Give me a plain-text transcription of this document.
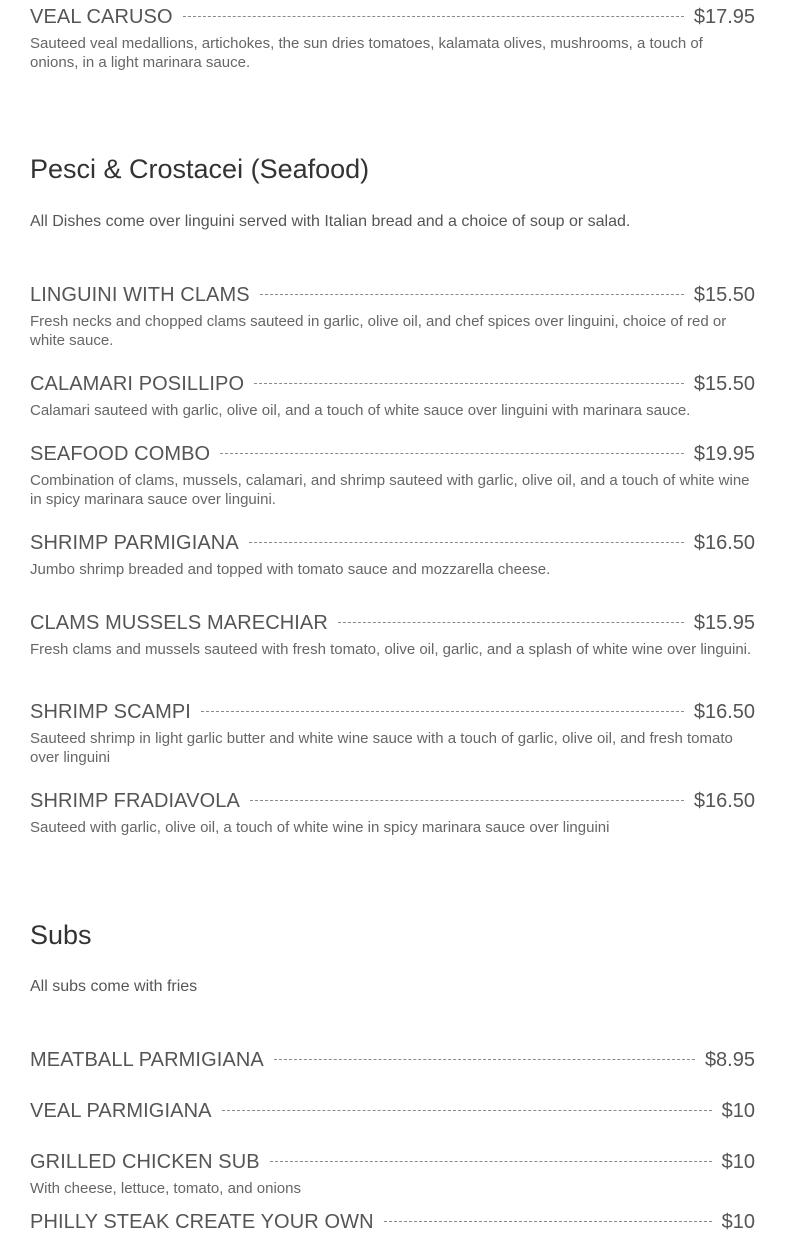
VEAL CARUSO	$17.95
Sauteed veal medallions, artichokes, the sun dries tomatoes, kalamata olives, mushrooms, a touch of onions, in a light marinara sauce.
Pesci & Crostacei (Seafood)

All Dishes come over linguini served with Italian bread and a choice of soup or salad.

LINGUINI WITH CLAMS	$15.50
Fresh necks and chopped clams sauteed in garlic, olive oil, and chef spices over linguini, choice of red or white sauce.
CALAMARI POSILLIPO	$15.50
Calamari sauteed with garlic, olive oil, and a touch of white sauce over linguini with marinara sauce.
SEAFOOD COMBO	$19.95
Combination of clams, mussels, calamari, and shrimp sauteed with garlic, olive oil, and a touch of white wine in spicy marinara sauce over linguini.
SHRIMP PARMIGIANA	$16.50
Jumbo shrimp breaded and topped with tomato sauce and mozzarella cheese.
CLAMS MUSSELS MARECHIAR	$15.95
Fresh clams and mussels sauteed with fresh tomato, olive oil, garlic, and a splash of white wine over linguini.
SHRIMP SCAMPI	$16.50
Sauteed shrimp in light garlic butter and white wine sauce with a touch of garlic, olive oil, and fresh tomato over linguini
SHRIMP FRADIAVOLA	$16.50
Sauteed with garlic, olive oil, a touch of white wine in spicy marinara sauce over linguini
Subs

All subs come with fries

MEATBALL PARMIGIANA	$8.95
VEAL PARMIGIANA	$10
GRILLED CHICKEN SUB	$10
With cheese, lettuce, tomato, and onions
PHILLY STEAK CREATE YOUR OWN	$10
